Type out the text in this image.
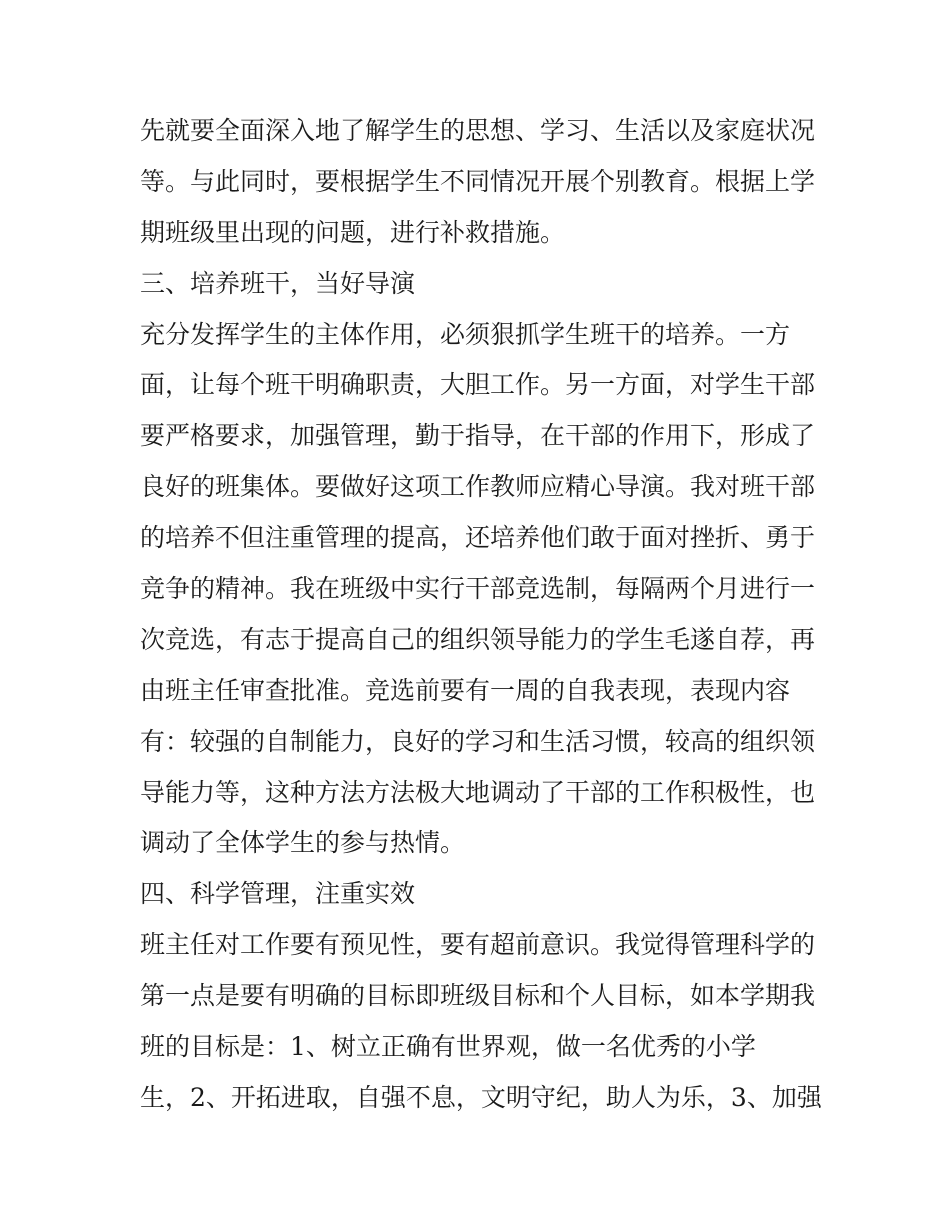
先就要全面深入地了解学生的思想、学习、生活以及家庭状况
等。与此同时，要根据学生不同情况开展个别教育。根据上学
期班级里出现的问题，进行补救措施。
三、培养班干，当好导演
充分发挥学生的主体作用，必须狠抓学生班干的培养。一方
面，让每个班干明确职责，大胆工作。另一方面，对学生干部
要严格要求，加强管理，勤于指导，在干部的作用下，形成了
良好的班集体。要做好这项工作教师应精心导演。我对班干部
的培养不但注重管理的提高，还培养他们敢于面对挫折、勇于
竞争的精神。我在班级中实行干部竞选制，每隔两个月进行一
次竞选，有志于提高自己的组织领导能力的学生毛遂自荐，再
由班主任审查批准。竞选前要有一周的自我表现，表现内容
有：较强的自制能力，良好的学习和生活习惯，较高的组织领
导能力等，这种方法方法极大地调动了干部的工作积极性，也
调动了全体学生的参与热情。
四、科学管理，注重实效
班主任对工作要有预见性，要有超前意识。我觉得管理科学的
第一点是要有明确的目标即班级目标和个人目标，如本学期我
班的目标是：1、树立正确有世界观，做一名优秀的小学
生，2、开拓进取，自强不息，文明守纪，助人为乐，3、加强
